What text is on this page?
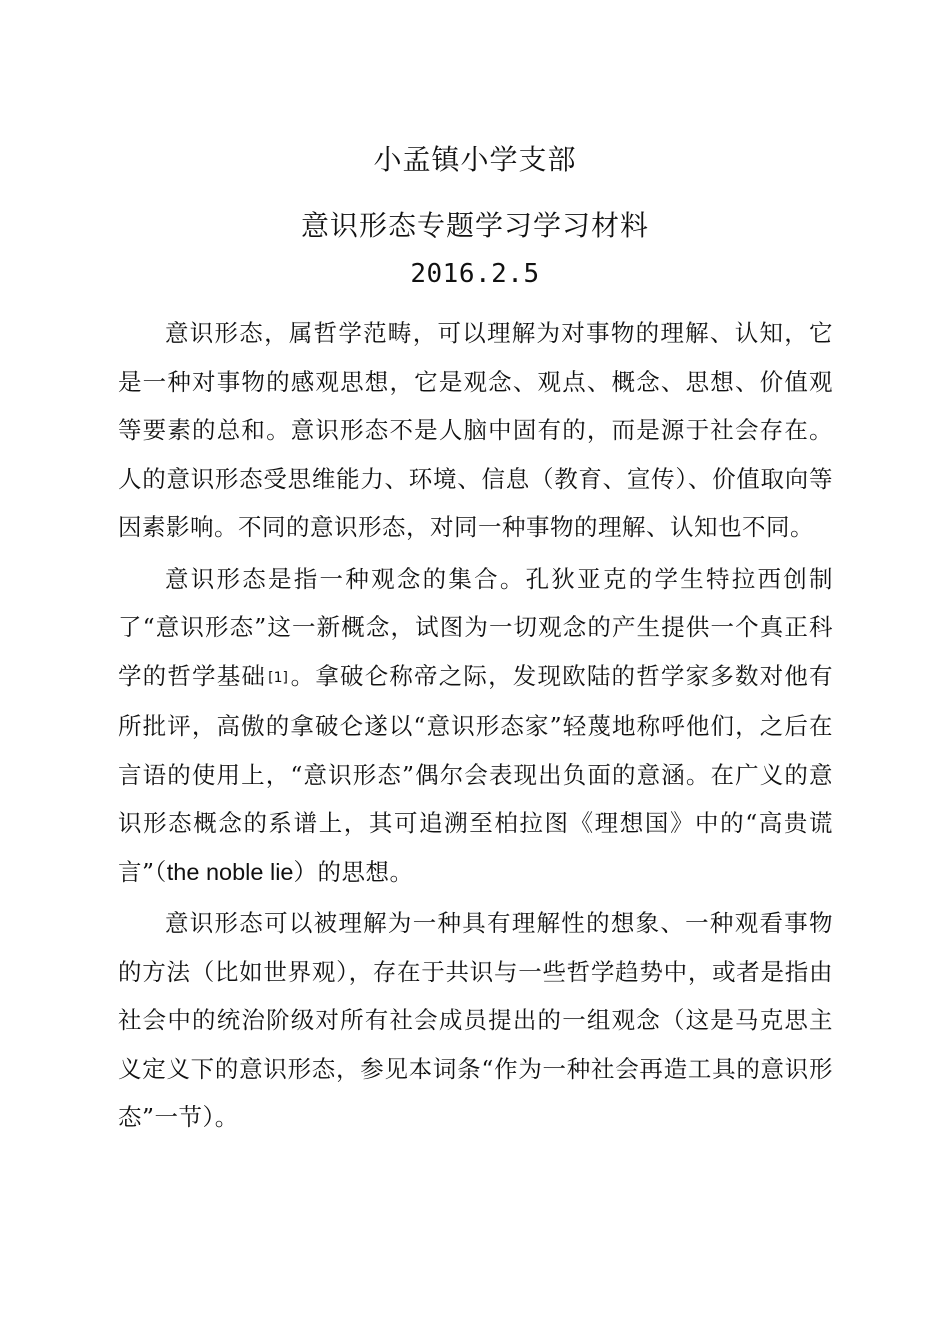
小孟镇小学支部
意识形态专题学习学习材料
2016.2.5

意识形态，属哲学范畴，可以理解为对事物的理解、认知，它是一种对事物的感观思想，它是观念、观点、概念、思想、价值观等要素的总和。意识形态不是人脑中固有的，而是源于社会存在。人的意识形态受思维能力、环境、信息（教育、宣传）、价值取向等因素影响。不同的意识形态，对同一种事物的理解、认知也不同。

意识形态是指一种观念的集合。孔狄亚克的学生特拉西创制了“意识形态”这一新概念，试图为一切观念的产生提供一个真正科学的哲学基础 [1]。拿破仑称帝之际，发现欧陆的哲学家多数对他有所批评，高傲的拿破仑遂以“意识形态家”轻蔑地称呼他们，之后在言语的使用上，“意识形态”偶尔会表现出负面的意涵。在广义的意识形态概念的系谱上，其可追溯至柏拉图《理想国》中的“高贵谎言”（the noble lie）的思想。

意识形态可以被理解为一种具有理解性的想象、一种观看事物的方法（比如世界观），存在于共识与一些哲学趋势中，或者是指由社会中的统治阶级对所有社会成员提出的一组观念（这是马克思主义定义下的意识形态，参见本词条“作为一种社会再造工具的意识形态”一节）。
